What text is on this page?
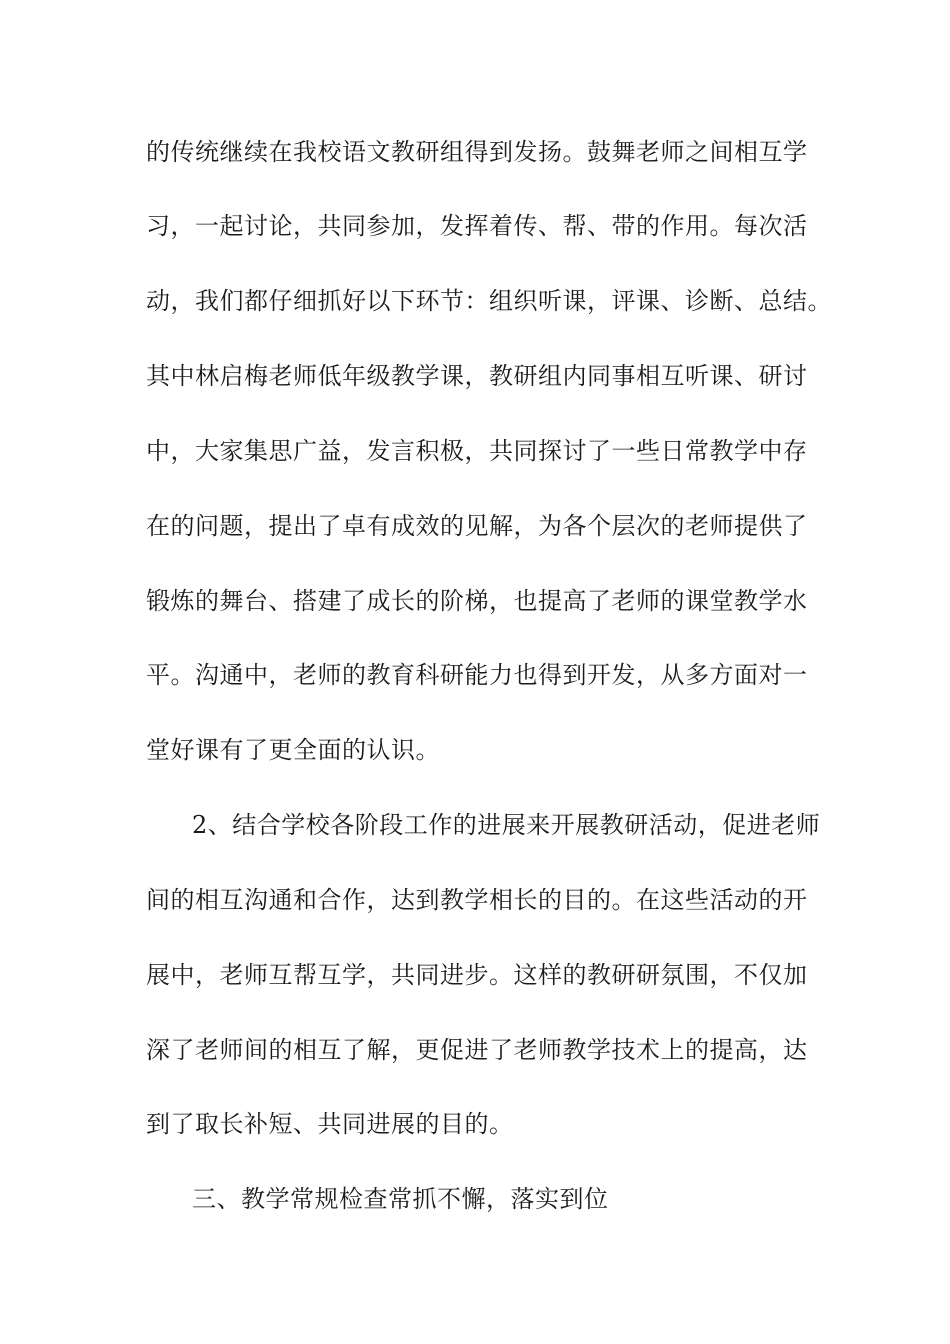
的传统继续在我校语文教研组得到发扬。鼓舞老师之间相互学
习，一起讨论，共同参加，发挥着传、帮、带的作用。每次活
动，我们都仔细抓好以下环节：组织听课，评课、诊断、总结。
其中林启梅老师低年级教学课，教研组内同事相互听课、研讨
中，大家集思广益，发言积极，共同探讨了一些日常教学中存
在的问题，提出了卓有成效的见解，为各个层次的老师提供了
锻炼的舞台、搭建了成长的阶梯，也提高了老师的课堂教学水
平。沟通中，老师的教育科研能力也得到开发，从多方面对一
堂好课有了更全面的认识。
2、结合学校各阶段工作的进展来开展教研活动，促进老师
间的相互沟通和合作，达到教学相长的目的。在这些活动的开
展中，老师互帮互学，共同进步。这样的教研研氛围，不仅加
深了老师间的相互了解，更促进了老师教学技术上的提高，达
到了取长补短、共同进展的目的。
三、教学常规检查常抓不懈，落实到位
